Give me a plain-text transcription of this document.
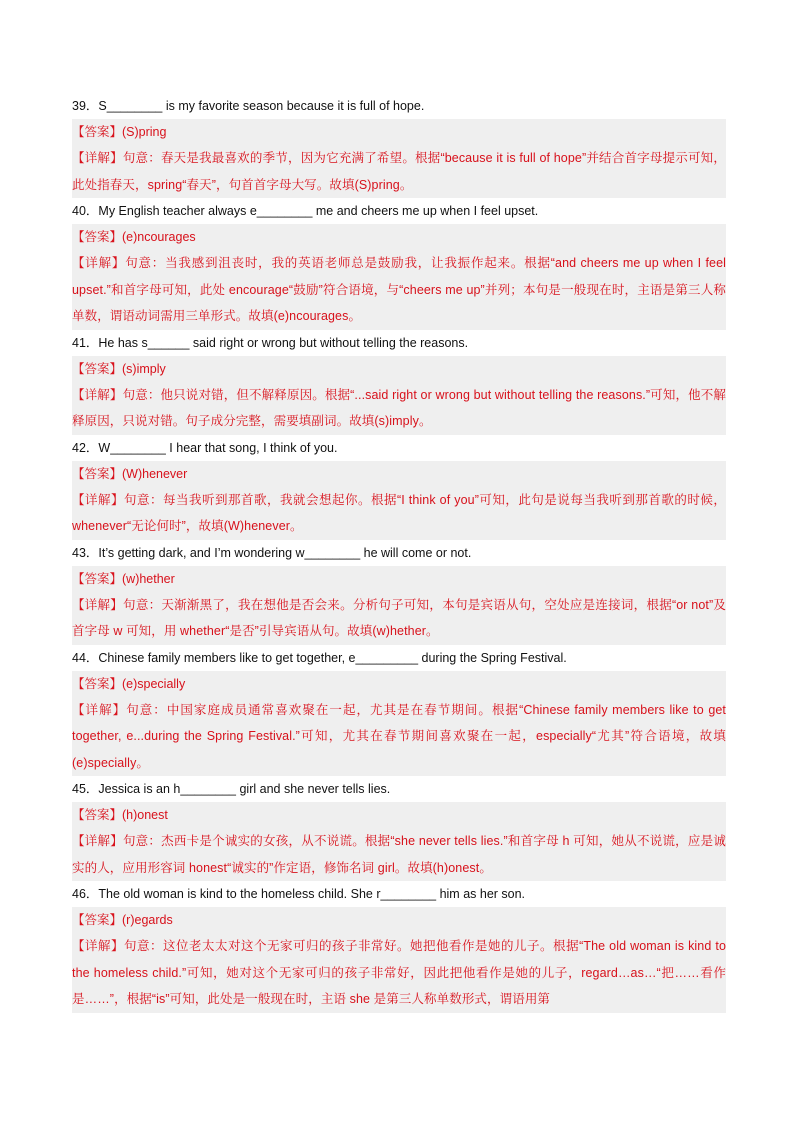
39．S________ is my favorite season because it is full of hope.
【答案】(S)pring
【详解】句意：春天是我最喜欢的季节，因为它充满了希望。根据“because it is full of hope”并结合首字母提示可知，此处指春天，spring“春天”，句首首字母大写。故填(S)pring。
40．My English teacher always e________ me and cheers me up when I feel upset.
【答案】(e)ncourages
【详解】句意：当我感到沮丧时，我的英语老师总是鼓励我，让我振作起来。根据“and cheers me up when I feel upset.”和首字母可知，此处 encourage“鼓励”符合语境，与“cheers me up”并列；本句是一般现在时，主语是第三人称单数，谓语动词需用三单形式。故填(e)ncourages。
41．He has s______ said right or wrong but without telling the reasons.
【答案】(s)imply
【详解】句意：他只说对错，但不解释原因。根据“...said right or wrong but without telling the reasons.”可知，他不解释原因，只说对错。句子成分完整，需要填副词。故填(s)imply。
42．W________ I hear that song, I think of you.
【答案】(W)henever
【详解】句意：每当我听到那首歌，我就会想起你。根据“I think of you”可知，此句是说每当我听到那首歌的时候，whenever“无论何时”，故填(W)henever。
43．It’s getting dark, and I’m wondering w________ he will come or not.
【答案】(w)hether
【详解】句意：天渐渐黑了，我在想他是否会来。分析句子可知，本句是宾语从句，空处应是连接词，根据“or not”及首字母 w 可知，用 whether“是否”引导宾语从句。故填(w)hether。
44．Chinese family members like to get together, e_________ during the Spring Festival.
【答案】(e)specially
【详解】句意：中国家庭成员通常喜欢聚在一起，尤其是在春节期间。根据“Chinese family members like to get together, e...during the Spring Festival.”可知，尤其在春节期间喜欢聚在一起，especially“尤其”符合语境，故填(e)specially。
45．Jessica is an h________ girl and she never tells lies.
【答案】(h)onest
【详解】句意：杰西卡是个诚实的女孩，从不说谎。根据“she never tells lies.”和首字母 h 可知，她从不说谎，应是诚实的人，应用形容词 honest“诚实的”作定语，修饰名词 girl。故填(h)onest。
46．The old woman is kind to the homeless child. She r________ him as her son.
【答案】(r)egards
【详解】句意：这位老太太对这个无家可归的孩子非常好。她把他看作是她的儿子。根据“The old woman is kind to the homeless child.”可知，她对这个无家可归的孩子非常好，因此把他看作是她的儿子，regard…as…“把……看作是……”，根据“is”可知，此处是一般现在时，主语 she 是第三人称单数形式，谓语用第
